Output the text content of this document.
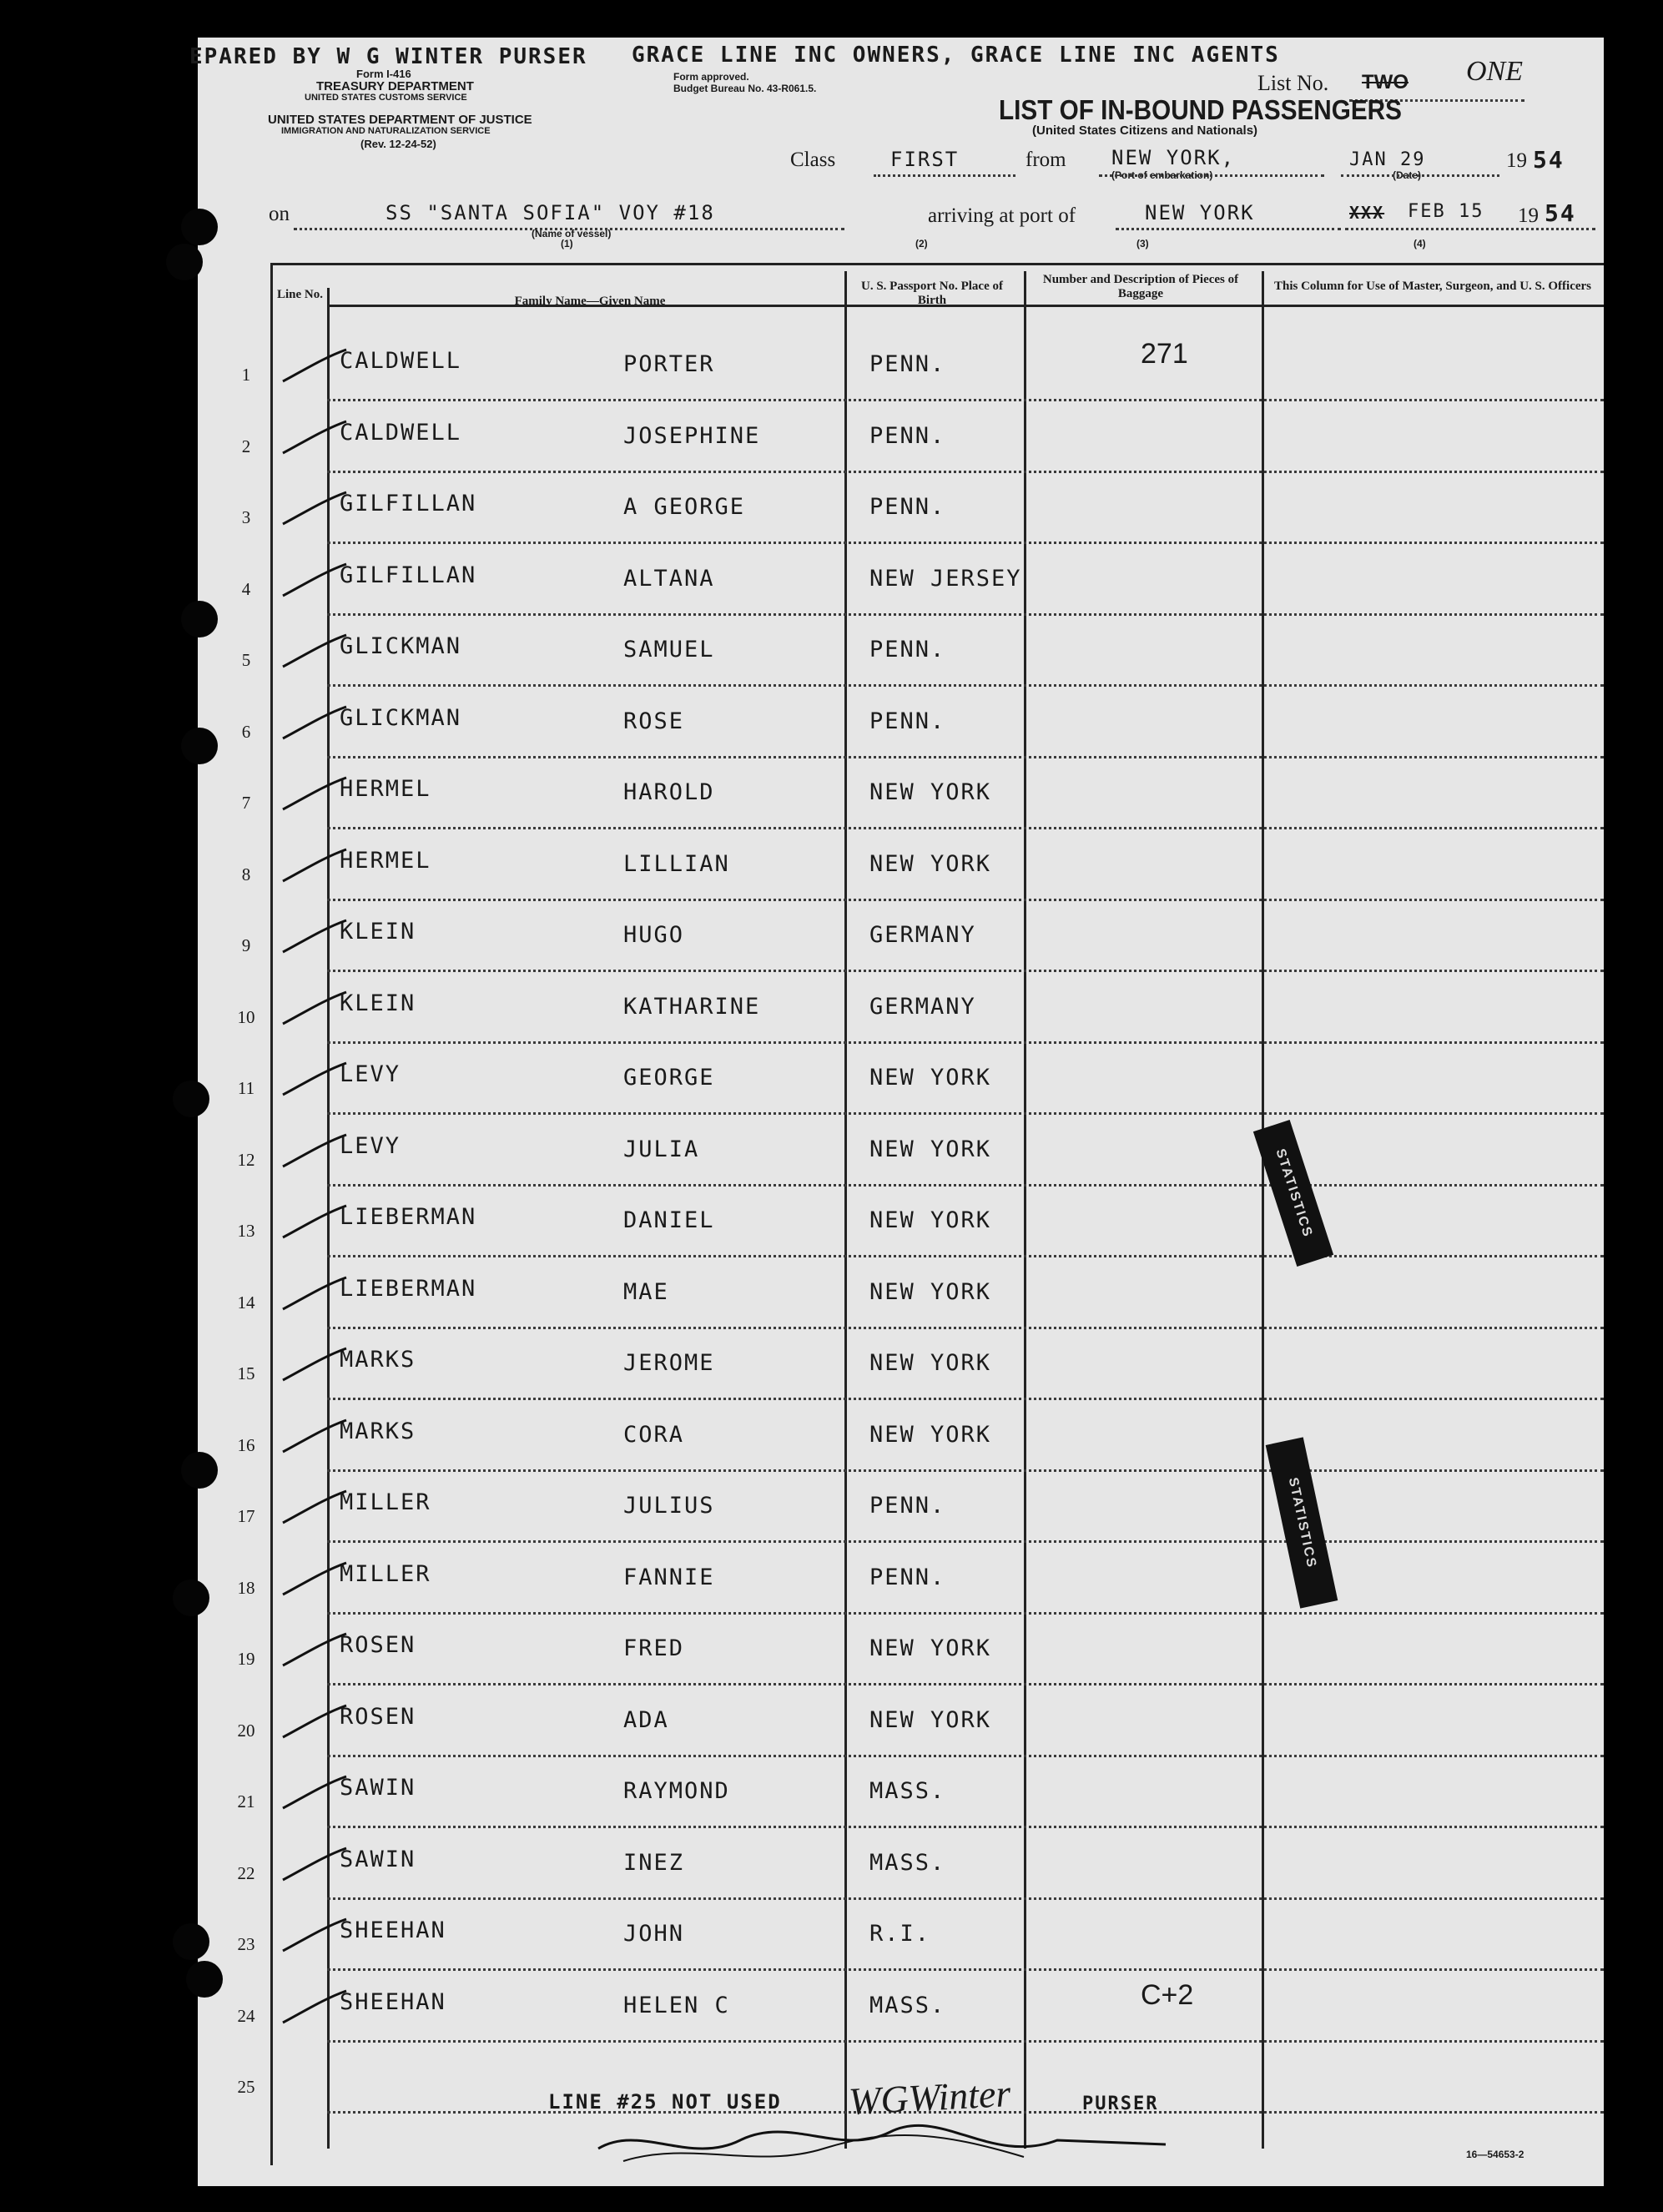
EPARED BY W G WINTER PURSER GRACE LINE INC OWNERS, GRACE LINE INC AGENTS
Form I-416
TREASURY DEPARTMENT
UNITED STATES CUSTOMS SERVICE
UNITED STATES DEPARTMENT OF JUSTICE
IMMIGRATION AND NATURALIZATION SERVICE
(Rev. 12-24-52)
Form approved.
Budget Bureau No. 43-R061.5.	List No. TWO ONE
LIST OF IN-BOUND PASSENGERS
(United States Citizens and Nationals)
Class	FIRST	from NEW YORK,
(Port of embarkation)
JAN 29
(Date)
19 54
on	SS "SANTA SOFIA" VOY #18
(Name of vessel)
(1)
arriving at port of
(2)
NEW YORK
(3)
XXX FEB 15 19 54
(4)
Line No.	Family Name—Given Name
U. S. Passport No. Place of Birth
Number and Description of Pieces of Baggage
This Column for Use of Master, Surgeon, and U. S. Officers
1
CALDWELL	PORTER	PENN.	271
2
CALDWELL	JOSEPHINE	PENN.
3
GILFILLAN	A GEORGE	PENN.
4
GILFILLAN	ALTANA	NEW JERSEY
5
GLICKMAN	SAMUEL	PENN.
6
GLICKMAN	ROSE	PENN.
7
HERMEL	HAROLD	NEW YORK
8
HERMEL	LILLIAN	NEW YORK
9
KLEIN	HUGO	GERMANY
10
KLEIN	KATHARINE	GERMANY
11
LEVY	GEORGE	NEW YORK
12
LEVY	JULIA	NEW YORK
13
LIEBERMAN	DANIEL	NEW YORK
14
LIEBERMAN	MAE	NEW YORK
15
MARKS	JEROME	NEW YORK
16
MARKS	CORA	NEW YORK
17
MILLER	JULIUS	PENN.
18
MILLER	FANNIE	PENN.
19
ROSEN	FRED	NEW YORK
20
ROSEN	ADA	NEW YORK
21
SAWIN	RAYMOND	MASS.
22
SAWIN	INEZ	MASS.
23
SHEEHAN	JOHN	R.I.
24
SHEEHAN	HELEN C	MASS.	C+2
25
STATISTICS
STATISTICS
LINE #25 NOT USED WGWinter	PURSER
16—54653-2
